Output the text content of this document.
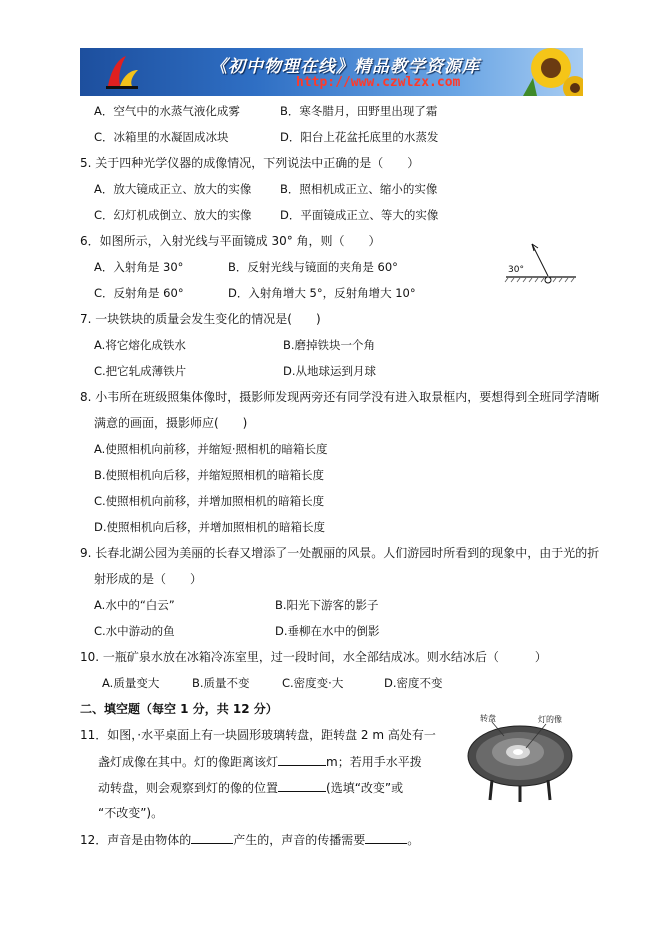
《初中物理在线》精品教学资源库
http://www.czwlzx.com
A．空气中的水蒸气液化成雾	B．寒冬腊月，田野里出现了霜
C．冰箱里的水凝固成冰块	D．阳台上花盆托底里的水蒸发
5. 关于四种光学仪器的成像情况，下列说法中正确的是（　　）
A．放大镜成正立、放大的实像 B．照相机成正立、缩小的实像
C．幻灯机成倒立、放大的实像 D．平面镜成正立、等大的实像
6．如图所示，入射光线与平面镜成 30° 角，则（　　）
A．入射角是 30°	B．反射光线与镜面的夹角是 60°
C．反射角是 60°	D．入射角增大 5°，反射角增大 10°
30°
7. 一块铁块的质量会发生变化的情况是(　　)
A.将它熔化成铁水	B.磨掉铁块一个角
C.把它轧成薄铁片	D.从地球运到月球
8. 小韦所在班级照集体像时，摄影师发现两旁还有同学没有进入取景框内，要想得到全班同学清晰
满意的画面，摄影师应(　　)
A.使照相机向前移，并缩短·照相机的暗箱长度
B.使照相机向后移，并缩短照相机的暗箱长度
C.使照相机向前移，并增加照相机的暗箱长度
D.使照相机向后移，并增加照相机的暗箱长度
9. 长春北湖公园为美丽的长春又增添了一处靓丽的风景。人们游园时所看到的现象中，由于光的折
射形成的是（　　）
A.水中的“白云”	B.阳光下游客的影子
C.水中游动的鱼	D.垂柳在水中的倒影
10. 一瓶矿泉水放在冰箱冷冻室里，过一段时间，水全部结成冰。则水结冰后（　　　）
A.质量变大	B.质量不变	C.密度变·大	D.密度不变
二、填空题（每空 1 分，共 12 分）
11．如图，·水平桌面上有一块圆形玻璃转盘，距转盘 2 m 高处有一
盏灯成像在其中。灯的像距离该灯	m；若用手水平拨
动转盘，则会观察到灯的像的位置	(选填“改变”或
“不改变”)。
转盘	灯的像
12．声音是由物体的	产生的，声音的传播需要	。
